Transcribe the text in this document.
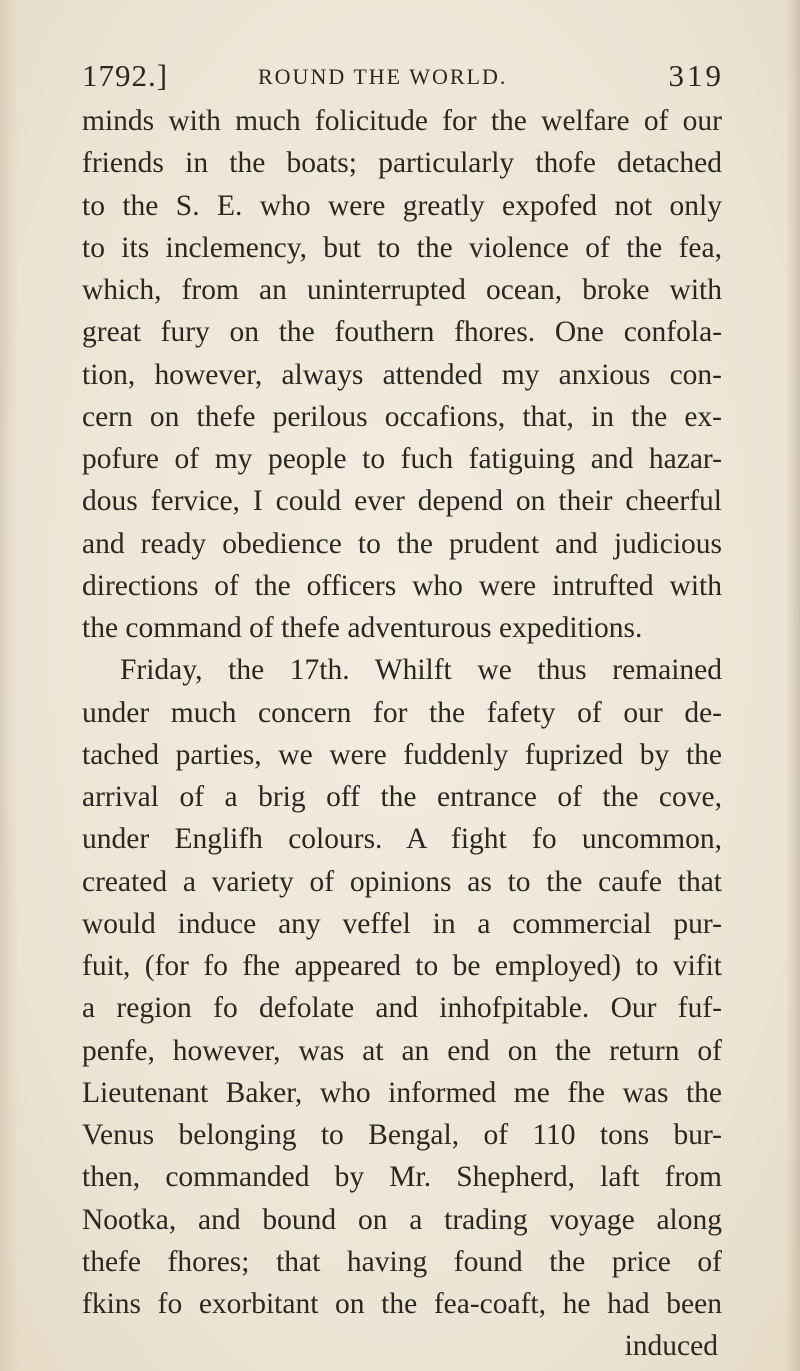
1792.]	ROUND THE WORLD.	319
minds with much folicitude for the welfare of our
friends in the boats; particularly thofe detached
to the S. E. who were greatly expofed not only
to its inclemency, but to the violence of the fea,
which, from an uninterrupted ocean, broke with
great fury on the fouthern fhores. One confola-
tion, however, always attended my anxious con-
cern on thefe perilous occafions, that, in the ex-
pofure of my people to fuch fatiguing and hazar-
dous fervice, I could ever depend on their cheerful
and ready obedience to the prudent and judicious
directions of the officers who were intrufted with
the command of thefe adventurous expeditions.
Friday, the 17th. Whilft we thus remained
under much concern for the fafety of our de-
tached parties, we were fuddenly fuprized by the
arrival of a brig off the entrance of the cove,
under Englifh colours. A fight fo uncommon,
created a variety of opinions as to the caufe that
would induce any veffel in a commercial pur-
fuit, (for fo fhe appeared to be employed) to vifit
a region fo defolate and inhofpitable. Our fuf-
penfe, however, was at an end on the return of
Lieutenant Baker, who informed me fhe was the
Venus belonging to Bengal, of 110 tons bur-
then, commanded by Mr. Shepherd, laft from
Nootka, and bound on a trading voyage along
thefe fhores; that having found the price of
fkins fo exorbitant on the fea-coaft, he had been
induced
